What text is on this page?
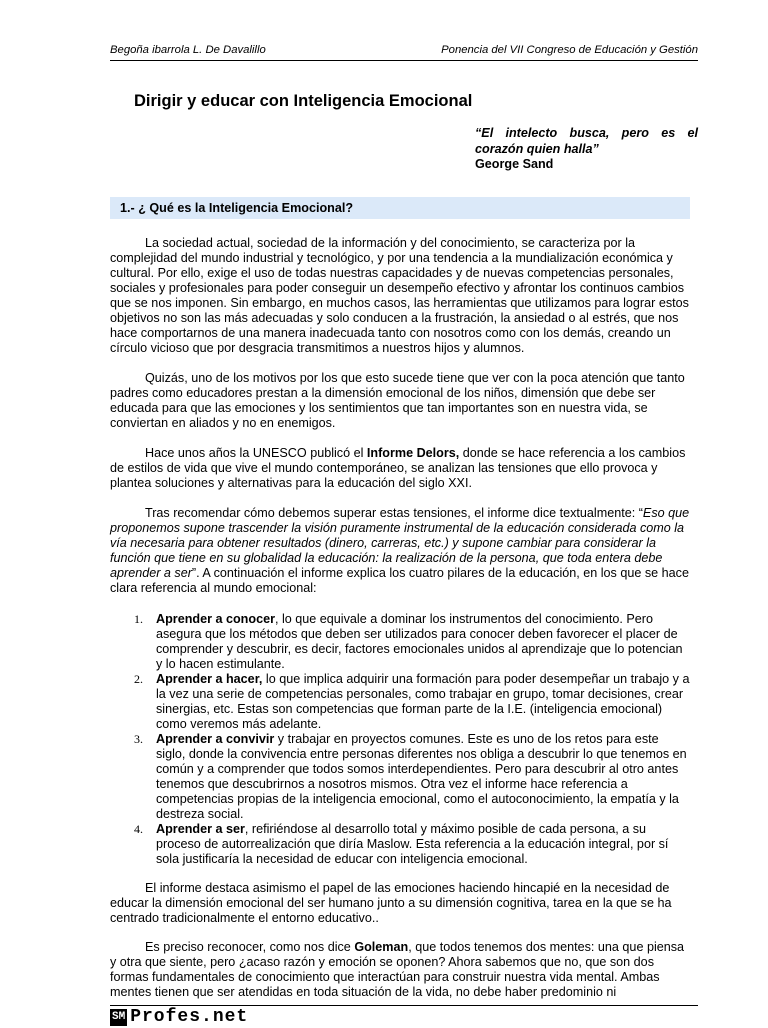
Begoña ibarrola L. De Davalillo	Ponencia del VII Congreso de Educación y Gestión
Dirigir y educar con Inteligencia Emocional
“El intelecto busca, pero es el
corazón quien halla”
George Sand
1.- ¿ Qué es la Inteligencia Emocional?

La sociedad actual, sociedad de la información y del conocimiento, se caracteriza por la complejidad del mundo industrial y tecnológico, y por una tendencia a la mundialización económica y cultural. Por ello, exige el uso de todas nuestras capacidades y de nuevas competencias personales, sociales y profesionales para poder conseguir un desempeño efectivo y afrontar los continuos cambios que se nos imponen. Sin embargo, en muchos casos, las herramientas que utilizamos para lograr estos objetivos no son las más adecuadas y solo conducen a la frustración, la ansiedad o al estrés, que nos hace comportarnos de una manera inadecuada tanto con nosotros como con los demás, creando un círculo vicioso que por desgracia transmitimos a nuestros hijos y alumnos.

Quizás, uno de los motivos por los que esto sucede tiene que ver con la poca atención que tanto padres como educadores prestan a la dimensión emocional de los niños, dimensión que debe ser educada para que las emociones y los sentimientos que tan importantes son en nuestra vida, se conviertan en aliados y no en enemigos.

Hace unos años la UNESCO publicó el Informe Delors, donde se hace referencia a los cambios de estilos de vida que vive el mundo contemporáneo, se analizan las tensiones que ello provoca y plantea soluciones y alternativas para la educación del siglo XXI.

Tras recomendar cómo debemos superar estas tensiones, el informe dice textualmente: “Eso que proponemos supone trascender la visión puramente instrumental de la educación considerada como la vía necesaria para obtener resultados (dinero, carreras, etc.) y supone cambiar para considerar la función que tiene en su globalidad la educación: la realización de la persona, que toda entera debe aprender a ser”. A continuación el informe explica los cuatro pilares de la educación, en los que se hace clara referencia al mundo emocional:

1. Aprender a conocer, lo que equivale a dominar los instrumentos del conocimiento. Pero asegura que los métodos que deben ser utilizados para conocer deben favorecer el placer de comprender y descubrir, es decir, factores emocionales unidos al aprendizaje que lo potencian y lo hacen estimulante.
2. Aprender a hacer, lo que implica adquirir una formación para poder desempeñar un trabajo y a la vez una serie de competencias personales, como trabajar en grupo, tomar decisiones, crear sinergias, etc. Estas son competencias que forman parte de la I.E. (inteligencia emocional) como veremos más adelante.
3. Aprender a convivir y trabajar en proyectos comunes. Este es uno de los retos para este siglo, donde la convivencia entre personas diferentes nos obliga a descubrir lo que tenemos en común y a comprender que todos somos interdependientes. Pero para descubrir al otro antes tenemos que descubrirnos a nosotros mismos. Otra vez el informe hace referencia a competencias propias de la inteligencia emocional, como el autoconocimiento, la empatía y la destreza social.
4. Aprender a ser, refiriéndose al desarrollo total y máximo posible de cada persona, a su proceso de autorrealización que diría Maslow. Esta referencia a la educación integral, por sí sola justificaría la necesidad de educar con inteligencia emocional.

El informe destaca asimismo el papel de las emociones haciendo hincapié en la necesidad de educar la dimensión emocional del ser humano junto a su dimensión cognitiva, tarea en la que se ha centrado tradicionalmente el entorno educativo..

Es preciso reconocer, como nos dice Goleman, que todos tenemos dos mentes: una que piensa y otra que siente, pero ¿acaso razón y emoción se oponen? Ahora sabemos que no, que son dos formas fundamentales de conocimiento que interactúan para construir nuestra vida mental. Ambas mentes tienen que ser atendidas en toda situación de la vida, no debe haber predominio ni

SM Profes.net
